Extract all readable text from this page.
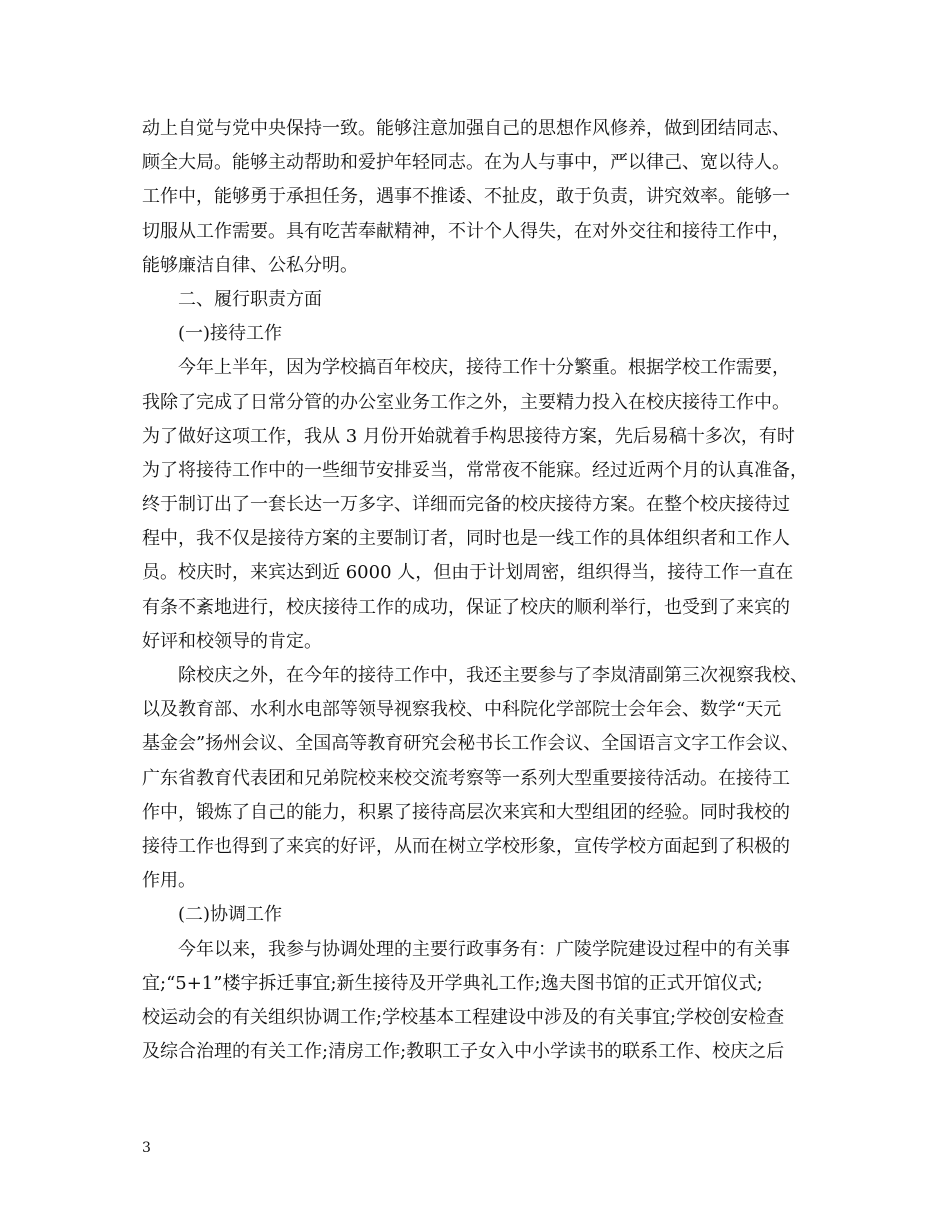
动上自觉与党中央保持一致。能够注意加强自己的思想作风修养，做到团结同志、
顾全大局。能够主动帮助和爱护年轻同志。在为人与事中，严以律己、宽以待人。
工作中，能够勇于承担任务，遇事不推诿、不扯皮，敢于负责，讲究效率。能够一
切服从工作需要。具有吃苦奉献精神，不计个人得失，在对外交往和接待工作中，
能够廉洁自律、公私分明。
二、履行职责方面
(一)接待工作
今年上半年，因为学校搞百年校庆，接待工作十分繁重。根据学校工作需要，
我除了完成了日常分管的办公室业务工作之外，主要精力投入在校庆接待工作中。
为了做好这项工作，我从 3 月份开始就着手构思接待方案，先后易稿十多次，有时
为了将接待工作中的一些细节安排妥当，常常夜不能寐。经过近两个月的认真准备，
终于制订出了一套长达一万多字、详细而完备的校庆接待方案。在整个校庆接待过
程中，我不仅是接待方案的主要制订者，同时也是一线工作的具体组织者和工作人
员。校庆时，来宾达到近 6000 人，但由于计划周密，组织得当，接待工作一直在
有条不紊地进行，校庆接待工作的成功，保证了校庆的顺利举行，也受到了来宾的
好评和校领导的肯定。
除校庆之外，在今年的接待工作中，我还主要参与了李岚清副第三次视察我校、
以及教育部、水利水电部等领导视察我校、中科院化学部院士会年会、数学“天元
基金会”扬州会议、全国高等教育研究会秘书长工作会议、全国语言文字工作会议、
广东省教育代表团和兄弟院校来校交流考察等一系列大型重要接待活动。在接待工
作中，锻炼了自己的能力，积累了接待高层次来宾和大型组团的经验。同时我校的
接待工作也得到了来宾的好评，从而在树立学校形象，宣传学校方面起到了积极的
作用。
(二)协调工作
今年以来，我参与协调处理的主要行政事务有：广陵学院建设过程中的有关事
宜;“5+1”楼宇拆迁事宜;新生接待及开学典礼工作;逸夫图书馆的正式开馆仪式;
校运动会的有关组织协调工作;学校基本工程建设中涉及的有关事宜;学校创安检查
及综合治理的有关工作;清房工作;教职工子女入中小学读书的联系工作、校庆之后
3
